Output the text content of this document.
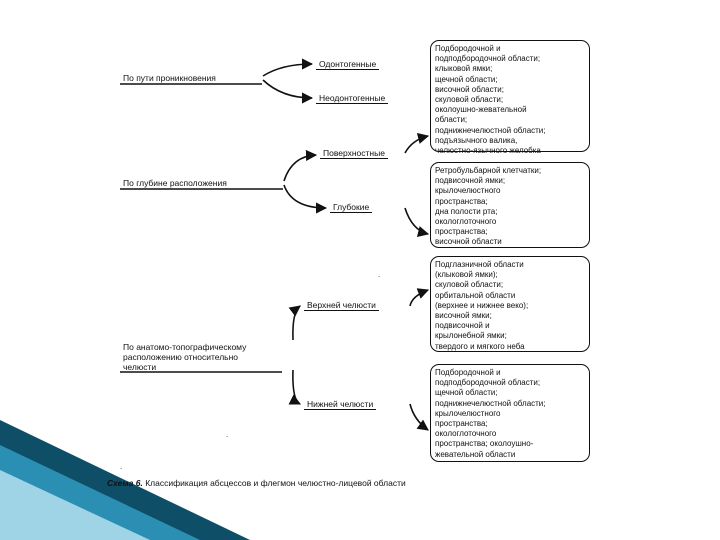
По пути проникновения
По глубине расположения
По анатомо-топографическому
расположению относительно
челюсти
Одонтогенные
Неодонтогенные
Поверхностные
Глубокие
Верхней челюсти
Нижней челюсти
Подбородочной и
подподбородочной области;
клыковой ямки;
щечной области;
височной области;
скуловой области;
околоушно-жевательной
области;
поднижнечелюстной области;
подъязычного валика,
челюстно-язычного желобка
Ретробульбарной клетчатки;
подвисочной ямки;
крылочелюстного
пространства;
дна полости рта;
окологлоточного
пространства;
височной области
Подглазничной области
(клыковой ямки);
скуловой области;
орбитальной области
(верхнее и нижнее веко);
височной ямки;
подвисочной и
крылонебной ямки;
твердого и мягкого неба
Подбородочной и
подподбородочной области;
щечной области;
поднижнечелюстной области;
крылочелюстного
пространства;
окологлоточного
пространства; околоушно-
жевательной области
.
.
.
Схема 6. Классификация абсцессов и флегмон челюстно-лицевой области
